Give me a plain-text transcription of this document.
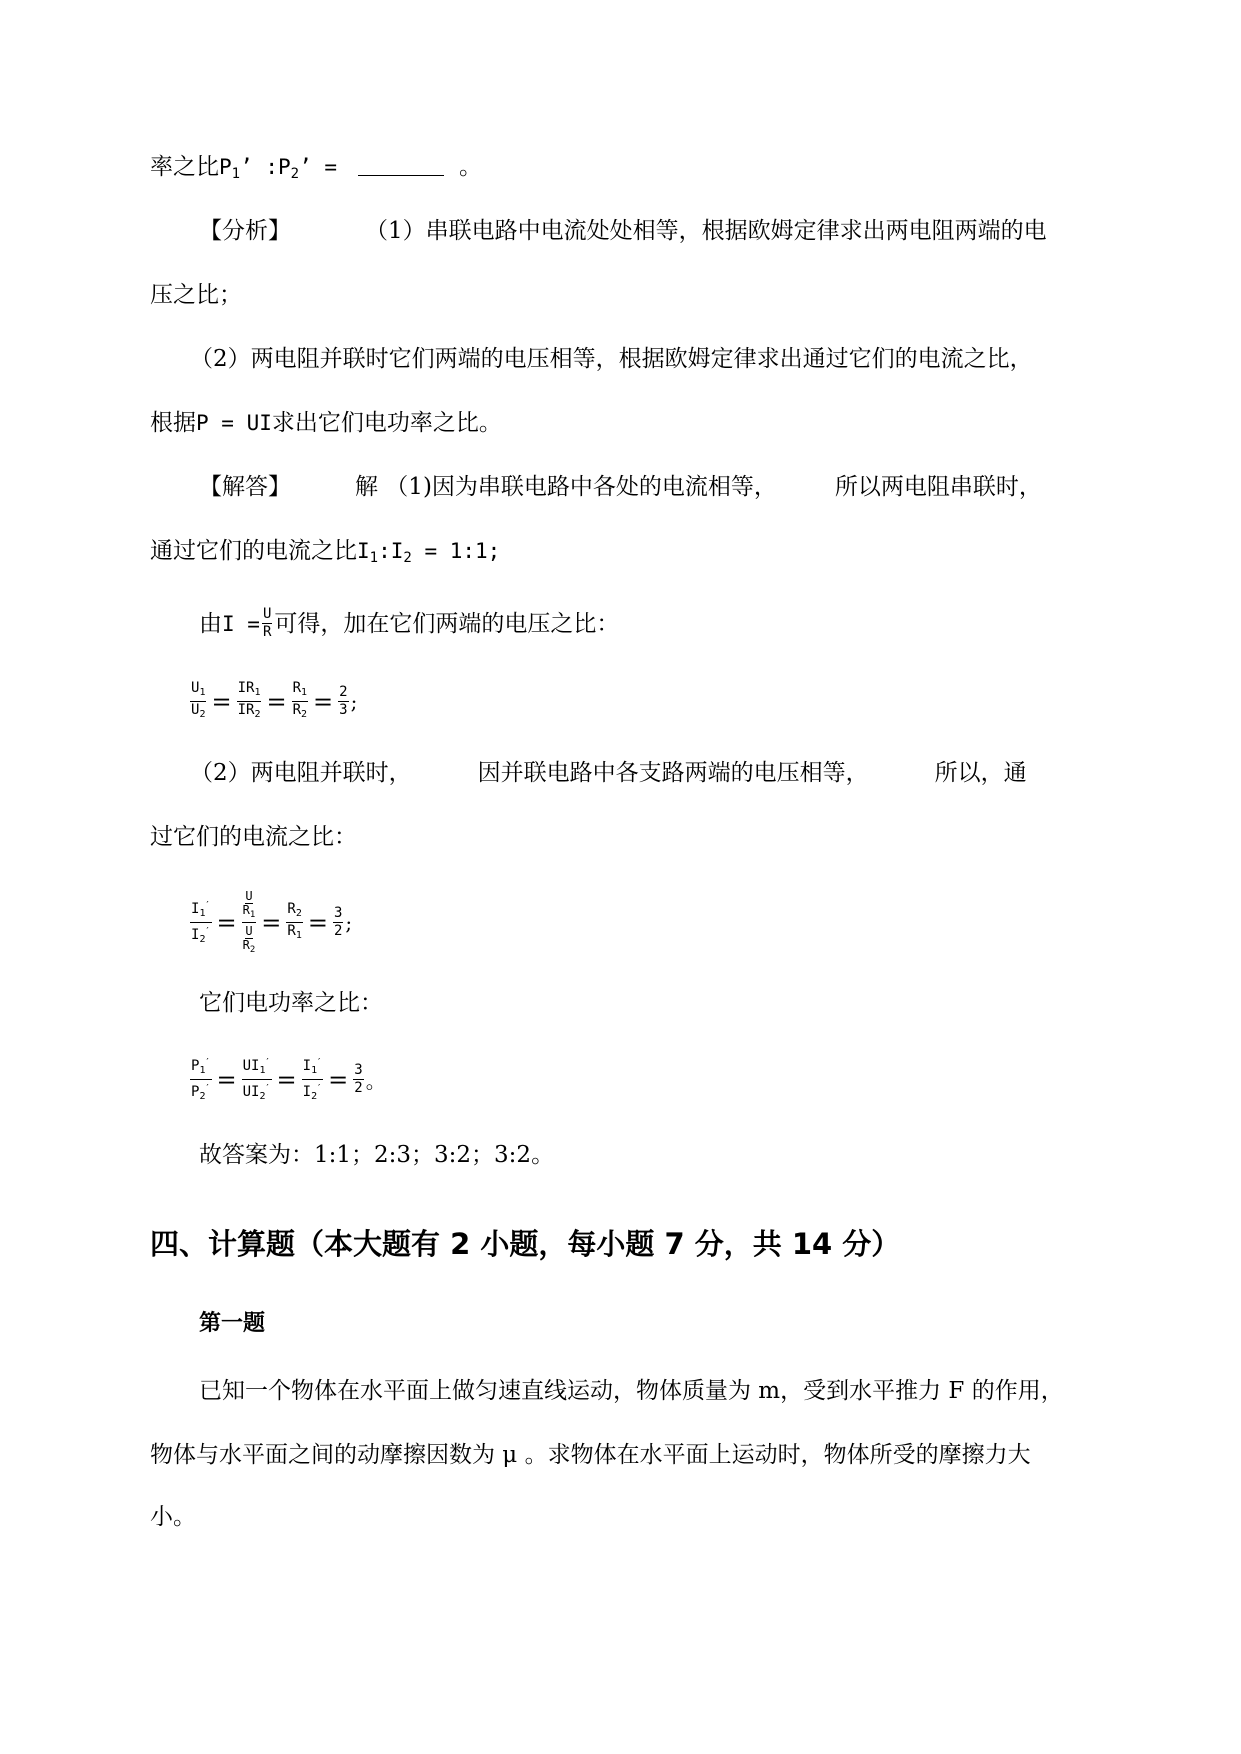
率之比$P_1$’ $:P_2$’ =	。
【分析】	（1）串联电路中电流处处相等，根据欧姆定律求出两电阻两端的电
压之比；
（2）两电阻并联时它们两端的电压相等，根据欧姆定律求出通过它们的电流之比，
根据P = UI求出它们电功率之比。
【解答】	解 （1)因为串联电路中各处的电流相等，	所以两电阻串联时，
通过它们的电流之比$I_1:I_2$ = 1:1;
由 $I = \frac{U}{R}$ 可得，加在它们两端的电压之比：
$\frac{U_1}{U_2} = \frac{IR_1}{IR_2} = \frac{R_1}{R_2} = \frac{2}{3}$ ;
（2）两电阻并联时，	因并联电路中各支路两端的电压相等，	所以，通
过它们的电流之比：
$\frac{I_1'}{I_2'} = \frac{\frac{U}{R_1}}{\frac{U}{R_2}} = \frac{R_2}{R_1} = \frac{3}{2}$ ;
它们电功率之比：
$\frac{P_1'}{P_2'} = \frac{UI_1'}{UI_2'} = \frac{I_1'}{I_2'} = \frac{3}{2}$ 。
故答案为：1:1；2:3；3:2；3:2。
四、计算题（本大题有 2 小题，每小题 7 分，共 14 分）
第一题
已知一个物体在水平面上做匀速直线运动，物体质量为 m，受到水平推力 F 的作用，
物体与水平面之间的动摩擦因数为 μ 。求物体在水平面上运动时，物体所受的摩擦力大
小。
